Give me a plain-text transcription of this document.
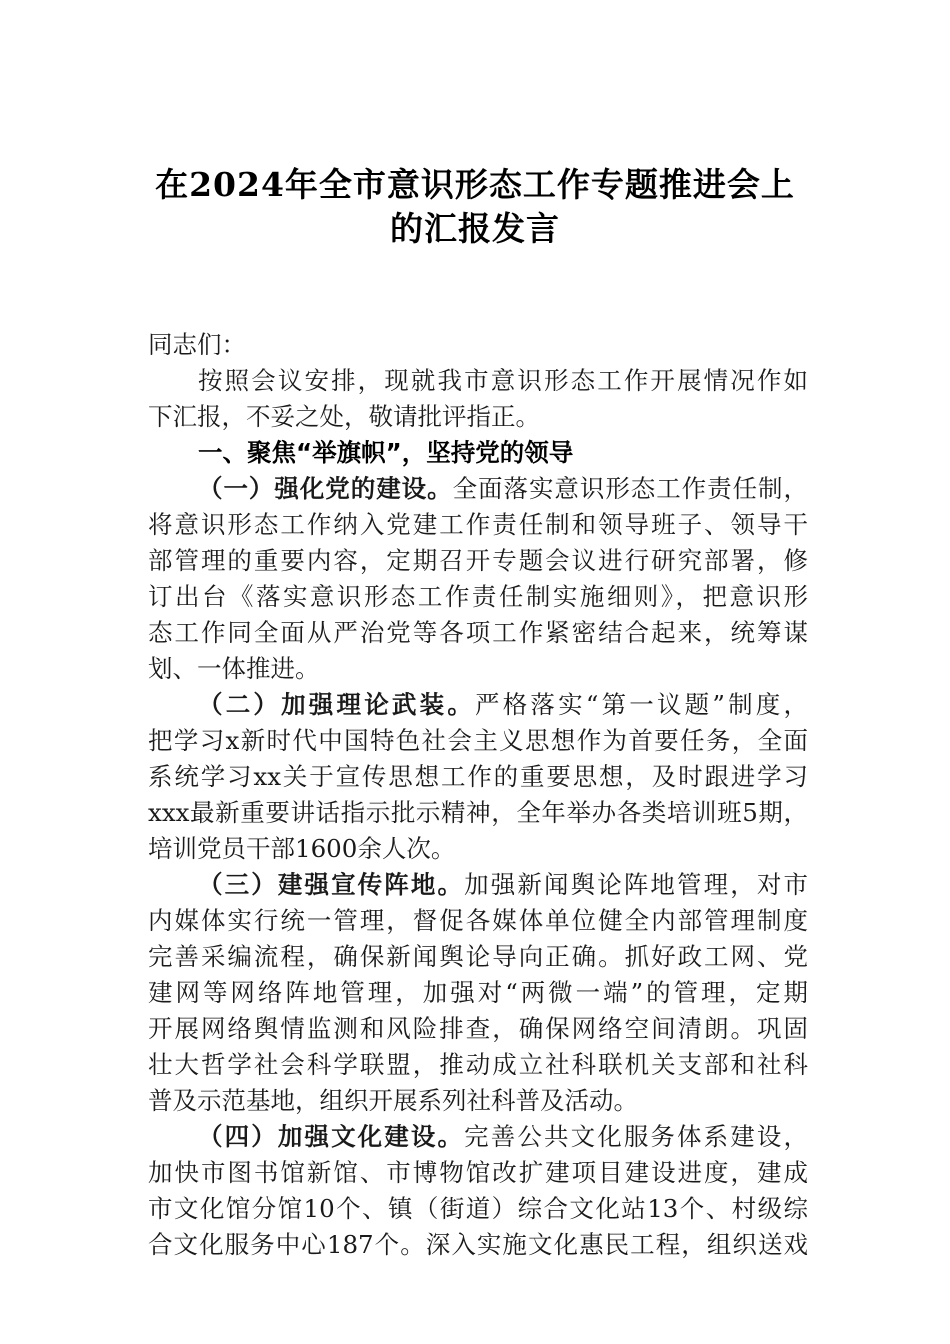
在2024年全市意识形态工作专题推进会上
的汇报发言
同志们：
按照会议安排，现就我市意识形态工作开展情况作如
下汇报，不妥之处，敬请批评指正。
一、聚焦“举旗帜”，坚持党的领导
（一）强化党的建设。全面落实意识形态工作责任制，
将意识形态工作纳入党建工作责任制和领导班子、领导干
部管理的重要内容，定期召开专题会议进行研究部署，修
订出台《落实意识形态工作责任制实施细则》，把意识形
态工作同全面从严治党等各项工作紧密结合起来，统筹谋
划、一体推进。
（二）加强理论武装。严格落实“第一议题”制度，
把学习x新时代中国特色社会主义思想作为首要任务，全面
系统学习xx关于宣传思想工作的重要思想，及时跟进学习
xxx最新重要讲话指示批示精神，全年举办各类培训班5期，
培训党员干部1600余人次。
（三）建强宣传阵地。加强新闻舆论阵地管理，对市
内媒体实行统一管理，督促各媒体单位健全内部管理制度
完善采编流程，确保新闻舆论导向正确。抓好政工网、党
建网等网络阵地管理，加强对“两微一端”的管理，定期
开展网络舆情监测和风险排查，确保网络空间清朗。巩固
壮大哲学社会科学联盟，推动成立社科联机关支部和社科
普及示范基地，组织开展系列社科普及活动。
（四）加强文化建设。完善公共文化服务体系建设，
加快市图书馆新馆、市博物馆改扩建项目建设进度，建成
市文化馆分馆10个、镇（街道）综合文化站13个、村级综
合文化服务中心187个。深入实施文化惠民工程，组织送戏
